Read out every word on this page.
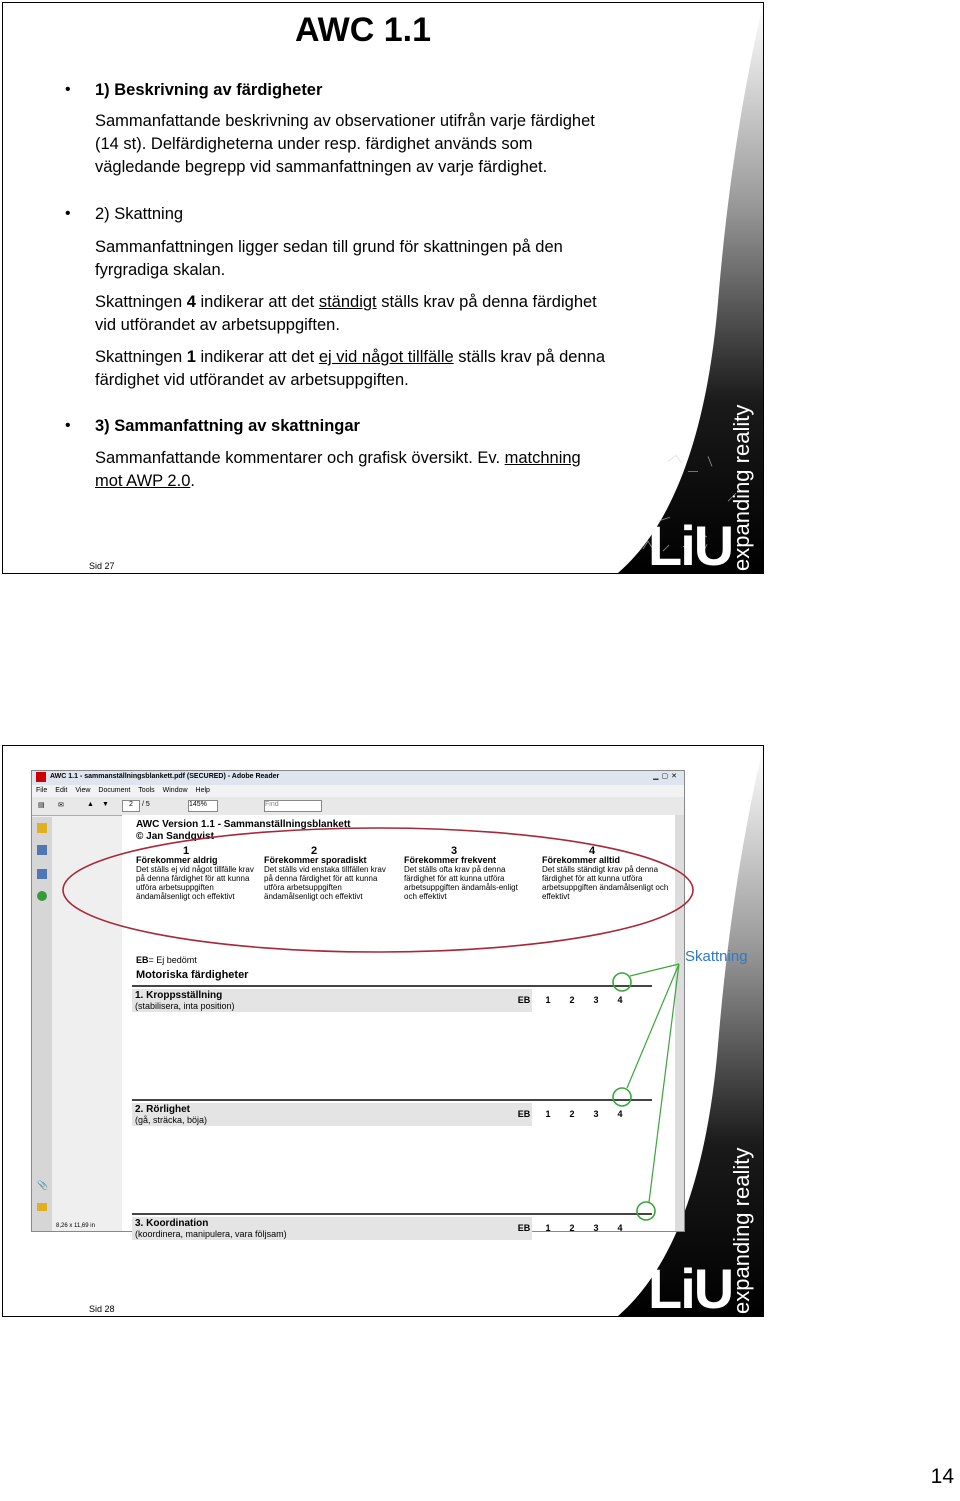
LiU
expanding reality
AWC 1.1
• 1) Beskrivning av färdigheter
Sammanfattande beskrivning av observationer utifrån varje färdighet
(14 st). Delfärdigheterna under resp. färdighet används som
vägledande begrepp vid sammanfattningen av varje färdighet.
• 2) Skattning
Sammanfattningen ligger sedan till grund för skattningen på den
fyrgradiga skalan.
Skattningen 4 indikerar att det ständigt ställs krav på denna färdighet
vid utförandet av arbetsuppgiften.
Skattningen 1 indikerar att det ej vid något tillfälle ställs krav på denna
färdighet vid utförandet av arbetsuppgiften.
• 3) Sammanfattning av skattningar
Sammanfattande kommentarer och grafisk översikt. Ev. matchning
mot AWP 2.0.
Sid 27
LiU
expanding reality
AWC 1.1 - sammanställningsblankett.pdf (SECURED) - Adobe Reader	▁▢✕
File Edit View Document Tools Window Help
▤ ✉	▲ ▼	2	/ 5	145%	Find
📎
8,26 x 11,69 in
AWC Version 1.1 - Sammanställningsblankett
© Jan Sandqvist
1
Förekommer aldrig
Det ställs ej vid något tillfälle krav på denna färdighet för att kunna utföra arbetsuppgiften ändamålsenligt och effektivt
2
Förekommer sporadiskt
Det ställs vid enstaka tillfällen krav på denna färdighet för att kunna utföra arbetsuppgiften ändamålsenligt och effektivt
3
Förekommer frekvent
Det ställs ofta krav på denna färdighet för att kunna utföra arbetsuppgiften ändamåls-enligt och effektivt
4
Förekommer alltid
Det ställs ständigt krav på denna färdighet för att kunna utföra arbetsuppgiften ändamålsenligt och effektivt
EB= Ej bedömt
Motoriska färdigheter
1. Kroppsställning
(stabilisera, inta position)
EB 1 2 3 4
2. Rörlighet
(gå, sträcka, böja)
EB 1 2 3 4
3. Koordination
(koordinera, manipulera, vara följsam)
EB 1 2 3 4
Skattning
Sid 28
14
